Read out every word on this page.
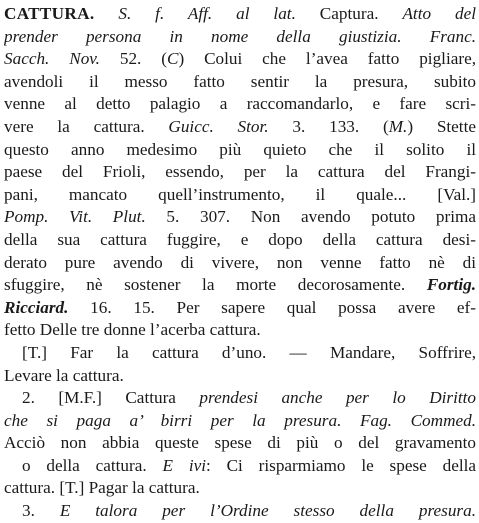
CATTURA. S. f. Aff. al lat. Captura. Atto del
prender persona in nome della giustizia. Franc.
Sacch. Nov. 52. (C) Colui che l’avea fatto pigliare,
avendoli il messo fatto sentir la presura, subito
venne al detto palagio a raccomandarlo, e fare scri-
vere la cattura. Guicc. Stor. 3. 133. (M.) Stette
questo anno medesimo più quieto che il solito il
paese del Frioli, essendo, per la cattura del Frangi-
pani, mancato quell’instrumento, il quale... [Val.]
Pomp. Vit. Plut. 5. 307. Non avendo potuto prima
della sua cattura fuggire, e dopo della cattura desi-
derato pure avendo di vivere, non venne fatto nè di
sfuggire, nè sostener la morte decorosamente. Fortig.
Ricciard. 16. 15. Per sapere qual possa avere ef-
fetto Delle tre donne l’acerba cattura.
[T.] Far la cattura d’uno. — Mandare, Soffrire,
Levare la cattura.
2. [M.F.] Cattura prendesi anche per lo Diritto
che si paga a’ birri per la presura. Fag. Commed.
Acciò non abbia queste spese di più o del gravamento
o della cattura. E ivi: Ci risparmiamo le spese della
cattura. [T.] Pagar la cattura.
3. E talora per l’Ordine stesso della presura.
